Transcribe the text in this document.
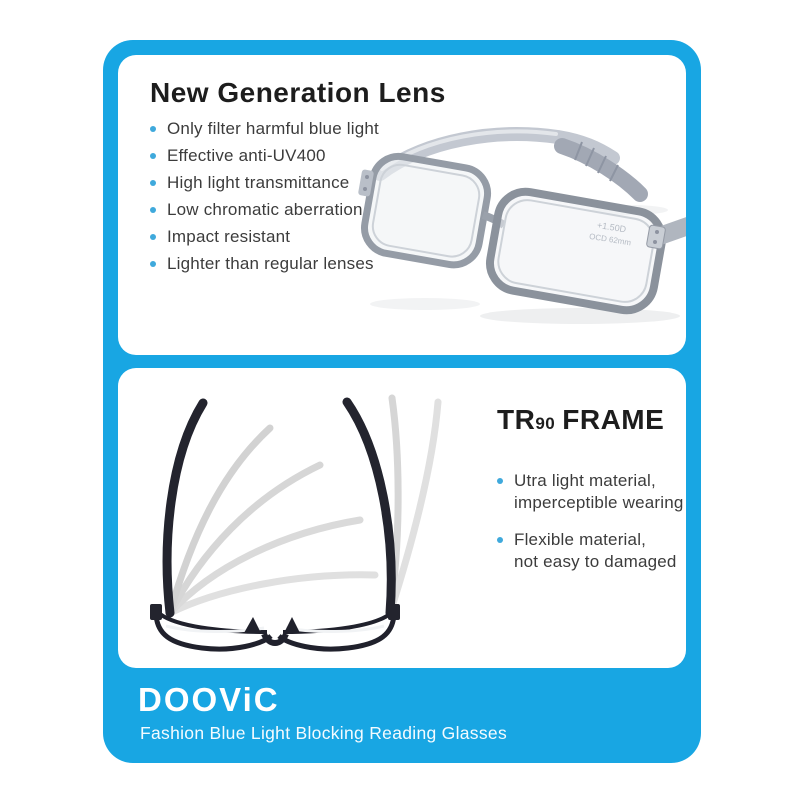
New Generation Lens
Only filter harmful blue light
Effective anti-UV400
High light transmittance
Low chromatic aberration
Impact resistant
Lighter than regular lenses
+1.50D
OCD 62mm
TR90 FRAME
Utra light material,
imperceptible wearing
Flexible material,
not easy to damaged

DOOViC

Fashion Blue Light Blocking Reading Glasses
